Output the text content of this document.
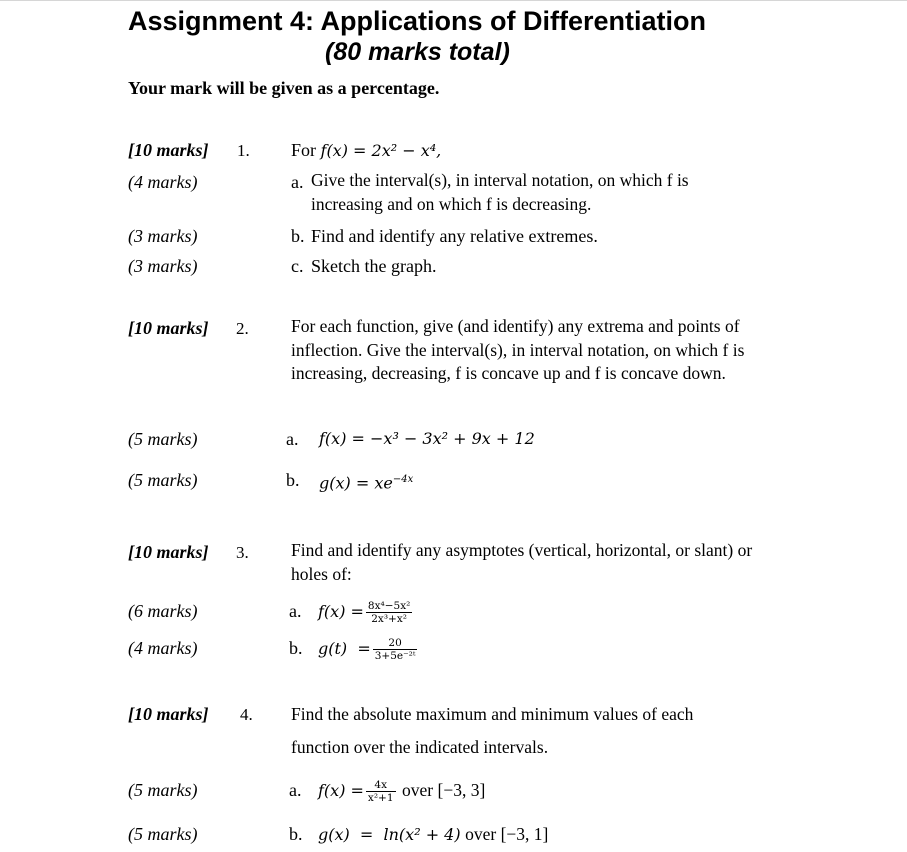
Assignment 4: Applications of Differentiation
(80 marks total)
Your mark will be given as a percentage.
[10 marks] 1. For f(x) = 2x² − x⁴,
(4 marks)	a. Give the interval(s), in interval notation, on which f is increasing and on which f is decreasing.
(3 marks)	b. Find and identify any relative extremes.
(3 marks)	c. Sketch the graph.
[10 marks] 2. For each function, give (and identify) any extrema and points of inflection. Give the interval(s), in interval notation, on which f is increasing, decreasing, f is concave up and f is concave down.
(5 marks)	a. f(x) = −x³ − 3x² + 9x + 12
(5 marks)	b. $g(x) = xe^{-4x}$
[10 marks] 3. Find and identify any asymptotes (vertical, horizontal, or slant) or holes of:
(6 marks)	a. $f(x) = \frac{\text{8x⁴−5x²}}{\text{2x³+x²}}$
(4 marks)	b. $g(t) = \frac{20}{\text{3+5e⁻²ᵗ}}$
[10 marks] 4. Find the absolute maximum and minimum values of each
function over the indicated intervals.
(5 marks)	a. $f(x) = \frac{4x}{\text{x²+1}}$ over [−3, 3]
(5 marks)	b. g(x)  =  ln(x² + 4) over [−3, 1]
